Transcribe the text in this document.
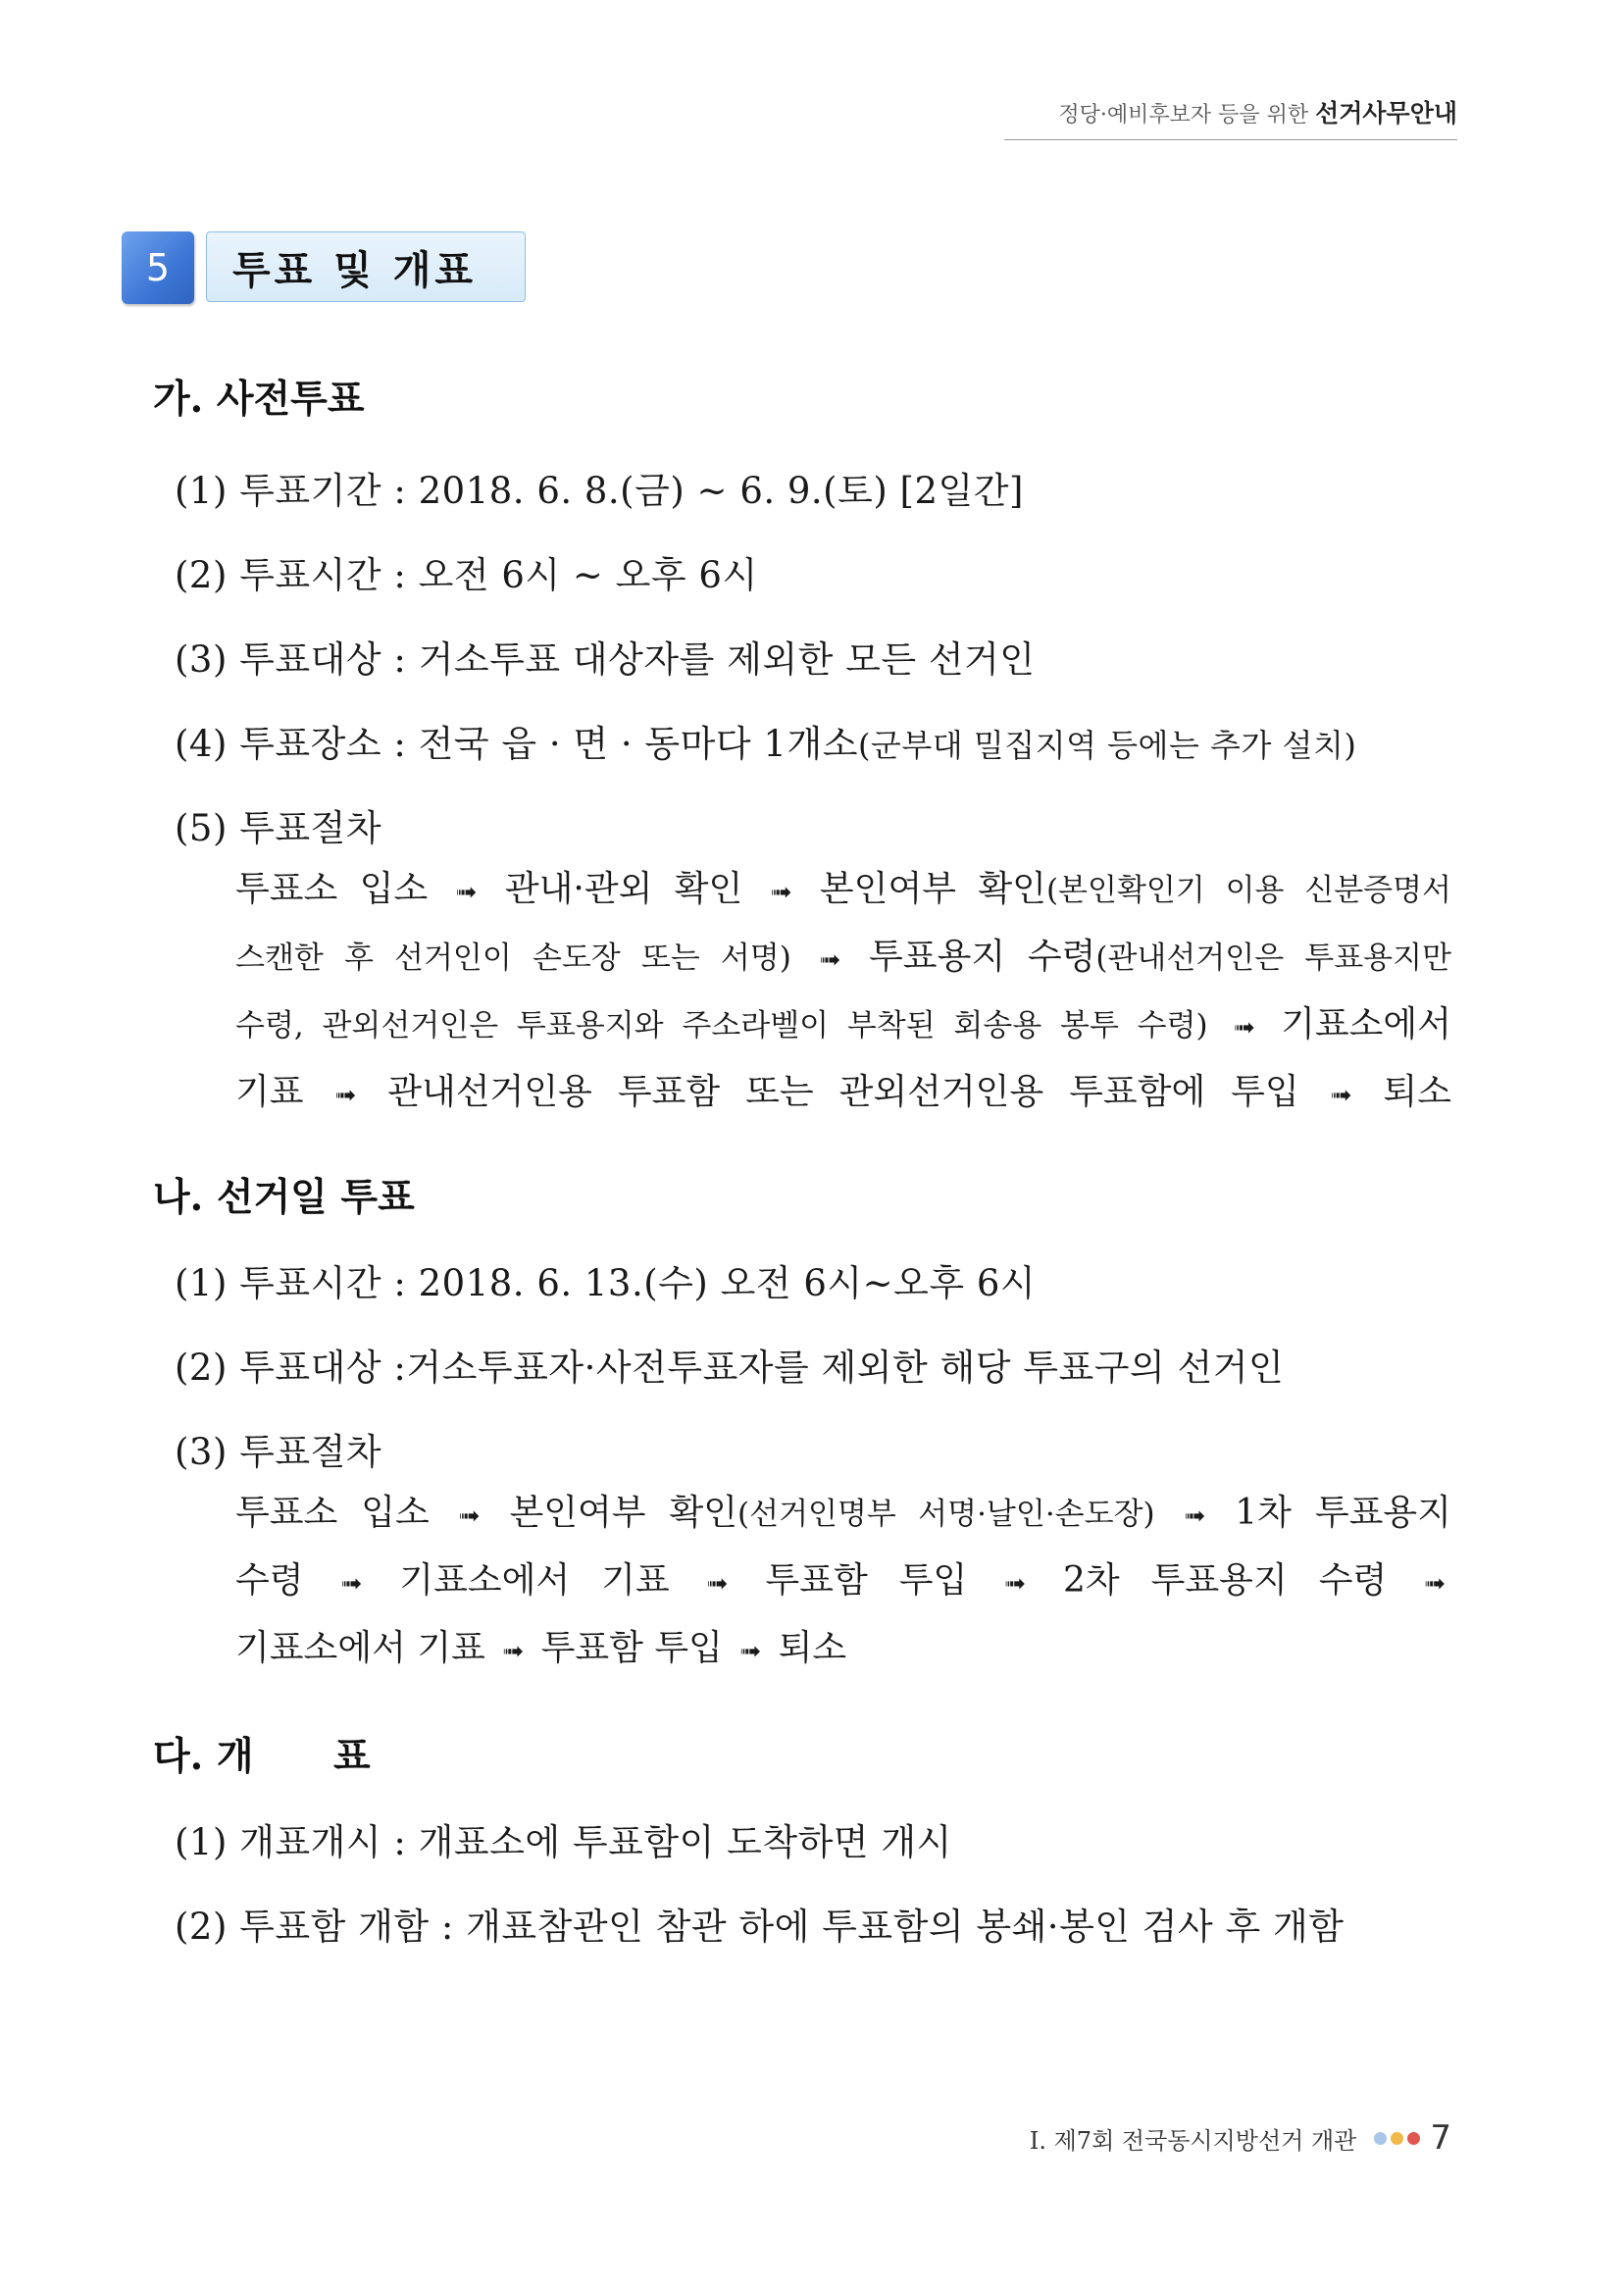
정당·예비후보자 등을 위한 선거사무안내
5	투표 및 개표
가. 사전투표
(1) 투표기간 : 2018. 6. 8.(금) ~ 6. 9.(토) [2일간]
(2) 투표시간 : 오전 6시 ~ 오후 6시
(3) 투표대상 : 거소투표 대상자를 제외한 모든 선거인
(4) 투표장소 : 전국 읍 · 면 · 동마다 1개소(군부대 밀집지역 등에는 추가 설치)
(5) 투표절차
투표소 입소 ➟ 관내·관외 확인 ➟ 본인여부 확인(본인확인기 이용 신분증명서
스캔한 후 선거인이 손도장 또는 서명) ➟ 투표용지 수령(관내선거인은 투표용지만
수령, 관외선거인은 투표용지와 주소라벨이 부착된 회송용 봉투 수령) ➟ 기표소에서
기표 ➟ 관내선거인용 투표함 또는 관외선거인용 투표함에 투입 ➟ 퇴소
나. 선거일 투표
(1) 투표시간 : 2018. 6. 13.(수) 오전 6시~오후 6시
(2) 투표대상 :거소투표자·사전투표자를 제외한 해당 투표구의 선거인
(3) 투표절차
투표소 입소 ➟ 본인여부 확인(선거인명부 서명·날인·손도장) ➟ 1차 투표용지
수령 ➟ 기표소에서 기표 ➟ 투표함 투입 ➟ 2차 투표용지 수령 ➟
기표소에서 기표 ➟ 투표함 투입 ➟ 퇴소
다. 개      표
(1) 개표개시 : 개표소에 투표함이 도착하면 개시
(2) 투표함 개함 : 개표참관인 참관 하에 투표함의 봉쇄·봉인 검사 후 개함
Ⅰ. 제7회 전국동시지방선거 개관 7
